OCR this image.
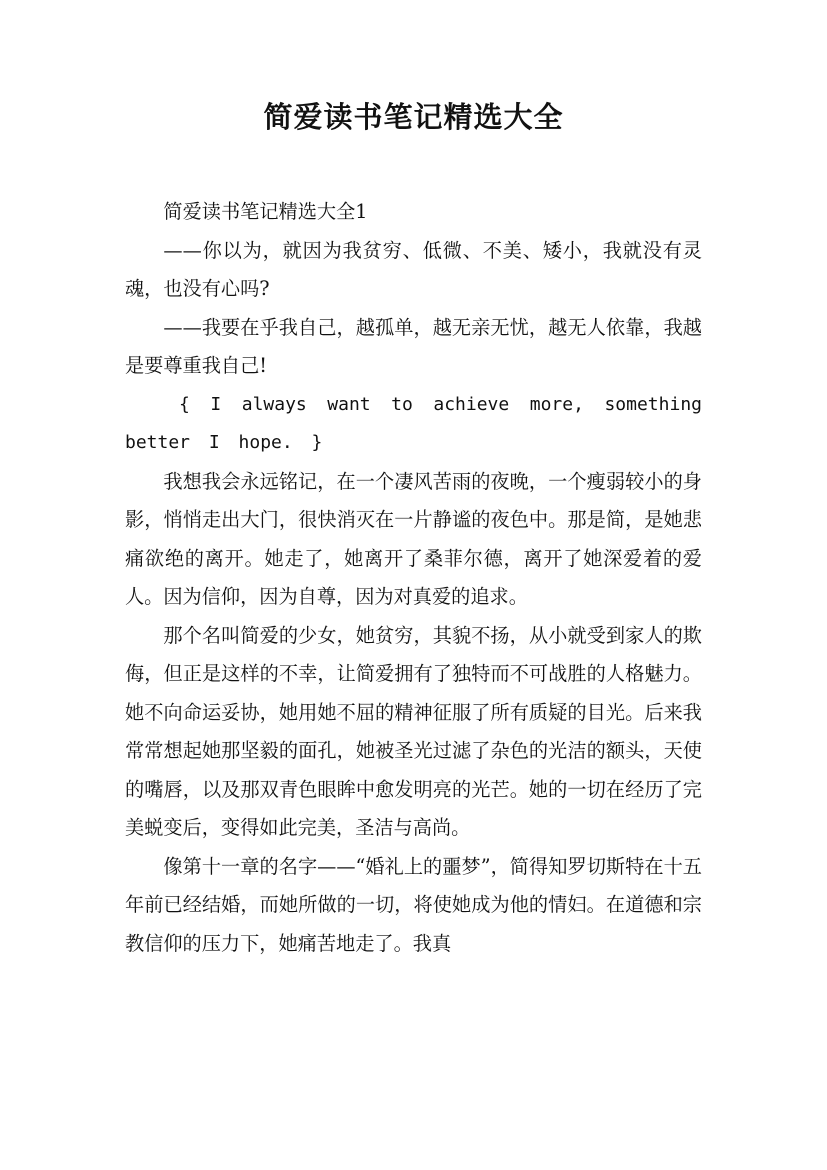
简爱读书笔记精选大全

简爱读书笔记精选大全1

——你以为，就因为我贫穷、低微、不美、矮小，我就没有灵魂，也没有心吗?

——我要在乎我自己，越孤单，越无亲无忧，越无人依靠，我越是要尊重我自己!

{ I always want to achieve more, something better I hope. }

我想我会永远铭记，在一个凄风苦雨的夜晚，一个瘦弱较小的身影，悄悄走出大门，很快消灭在一片静谧的夜色中。那是简，是她悲痛欲绝的离开。她走了，她离开了桑菲尔德，离开了她深爱着的爱人。因为信仰，因为自尊，因为对真爱的追求。

那个名叫简爱的少女，她贫穷，其貌不扬，从小就受到家人的欺侮，但正是这样的不幸，让简爱拥有了独特而不可战胜的人格魅力。她不向命运妥协，她用她不屈的精神征服了所有质疑的目光。后来我常常想起她那坚毅的面孔，她被圣光过滤了杂色的光洁的额头，天使的嘴唇，以及那双青色眼眸中愈发明亮的光芒。她的一切在经历了完美蜕变后，变得如此完美，圣洁与高尚。

像第十一章的名字——“婚礼上的噩梦”，简得知罗切斯特在十五年前已经结婚，而她所做的一切，将使她成为他的情妇。在道德和宗教信仰的压力下，她痛苦地走了。我真
